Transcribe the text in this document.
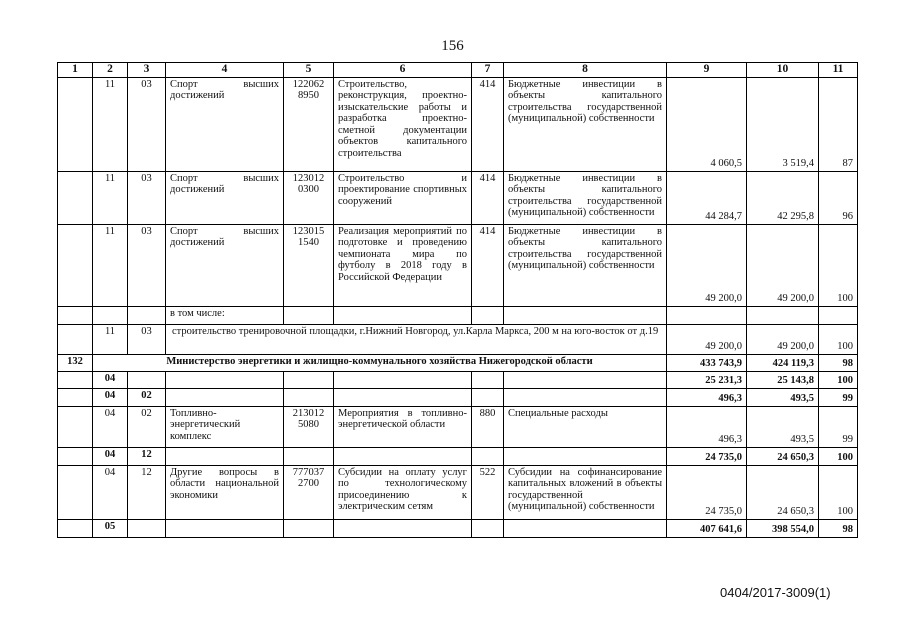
156
1	2	3	4	5	6	7	8	9	10	11
	11	03	Спорт высших достижений	122062 8950	Строительство, реконструкция, проектно-изыскательские работы и разработка проектно-сметной документации объектов капитального строительства	414	Бюджетные инвестиции в объекты капитального строительства государственной (муниципальной) собственности	4 060,5	3 519,4	87
	11	03	Спорт высших достижений	123012 0300	Строительство и проектирование спортивных сооружений	414	Бюджетные инвестиции в объекты капитального строительства государственной (муниципальной) собственности	44 284,7	42 295,8	96
	11	03	Спорт высших достижений	123015 1540	Реализация мероприятий по подготовке и проведению чемпионата мира по футболу в 2018 году в Российской Федерации	414	Бюджетные инвестиции в объекты капитального строительства государственной (муниципальной) собственности	49 200,0	49 200,0	100
			в том числе:							
	11	03	строительство тренировочной площадки, г.Нижний Новгород, ул.Карла Маркса, 200 м на юго-восток от д.19					49 200,0	49 200,0	100
132	Министерство энергетики и жилищно-коммунального хозяйства Нижегородской области							433 743,9	424 119,3	98
	04							25 231,3	25 143,8	100
	04	02						496,3	493,5	99
	04	02	Топливно-энергетический комплекс	213012 5080	Мероприятия в топливно-энергетической области	880	Специальные расходы	496,3	493,5	99
	04	12						24 735,0	24 650,3	100
	04	12	Другие вопросы в области национальной экономики	777037 2700	Субсидии на оплату услуг по технологическому присоединению к электрическим сетям	522	Субсидии на софинансирование капитальных вложений в объекты государственной (муниципальной) собственности	24 735,0	24 650,3	100
	05							407 641,6	398 554,0	98
0404/2017-3009(1)
